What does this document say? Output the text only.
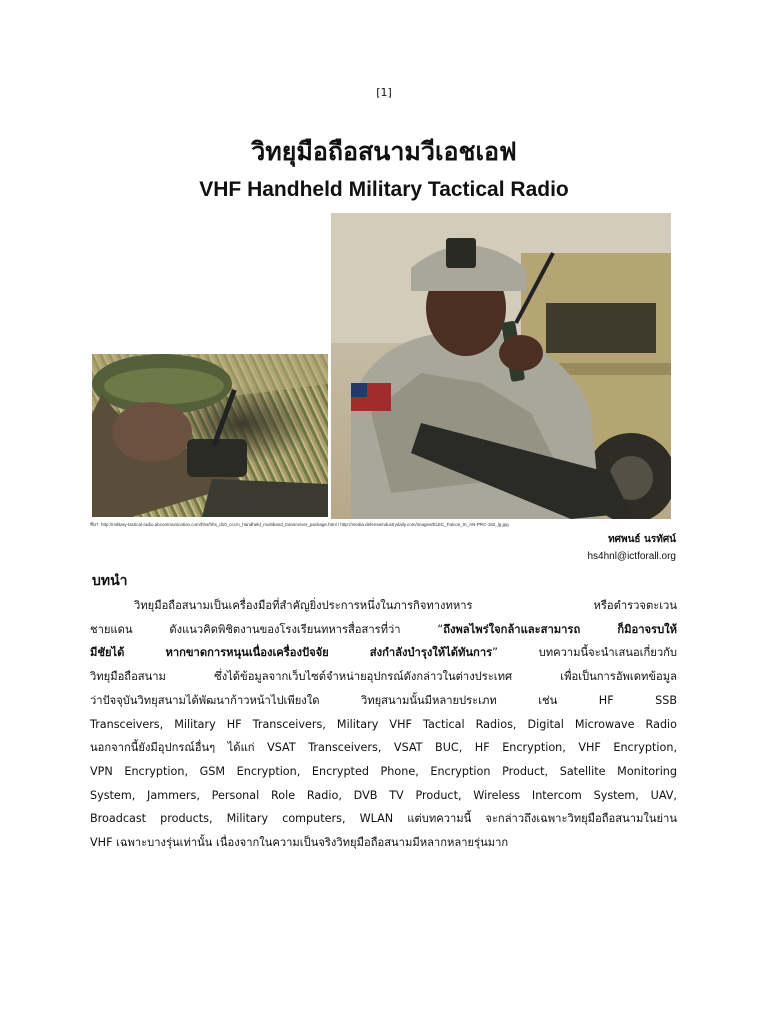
[1]
วิทยุมือถือสนามวีเอชเอฟ
VHF Handheld Military Tactical Radio
ที่มา: http://military-tactical-radio.abcommunication.com/hhs/hhs_d10_cccm_handheld_multiband_transceiver_package.html / http://media.defenseindustrydaily.com/images/ELEC_Falcon_III_AN-PRC-152_lg.jpg
ทศพนธ์ นรทัศน์
hs4hnl@ictforall.org
บทนำ
วิทยุมือถือสนามเป็นเครื่องมือที่สำคัญยิ่งประการหนึ่งในภารกิจทางทหาร หรือตำรวจตะเวน
ชายแดน ดังแนวคิดพิชิตงานของโรงเรียนทหารสื่อสารที่ว่า “ถึงพลไพร่ใจกล้าและสามารถ ก็มิอาจรบให้
มีชัยได้ หากขาดการหนุนเนื่องเครื่องปัจจัย ส่งกำลังบำรุงให้ได้ทันการ” บทความนี้จะนำเสนอเกี่ยวกับ
วิทยุมือถือสนาม ซึ่งได้ข้อมูลจากเว็บไซต์จำหน่ายอุปกรณ์ดังกล่าวในต่างประเทศ เพื่อเป็นการอัพเดทข้อมูล
ว่าปัจจุบันวิทยุสนามได้พัฒนาก้าวหน้าไปเพียงใด วิทยุสนามนั้นมีหลายประเภท เช่น HF SSB
Transceivers, Military HF Transceivers, Military VHF Tactical Radios, Digital Microwave Radio
นอกจากนี้ยังมีอุปกรณ์อื่นๆ ได้แก่ VSAT Transceivers, VSAT BUC, HF Encryption, VHF Encryption,
VPN Encryption, GSM Encryption, Encrypted Phone, Encryption Product, Satellite Monitoring
System, Jammers, Personal Role Radio, DVB TV Product, Wireless Intercom System, UAV,
Broadcast products, Military computers, WLAN แต่บทความนี้ จะกล่าวถึงเฉพาะวิทยุมือถือสนามในย่าน
VHF เฉพาะบางรุ่นเท่านั้น เนื่องจากในความเป็นจริงวิทยุมือถือสนามมีหลากหลายรุ่นมาก
